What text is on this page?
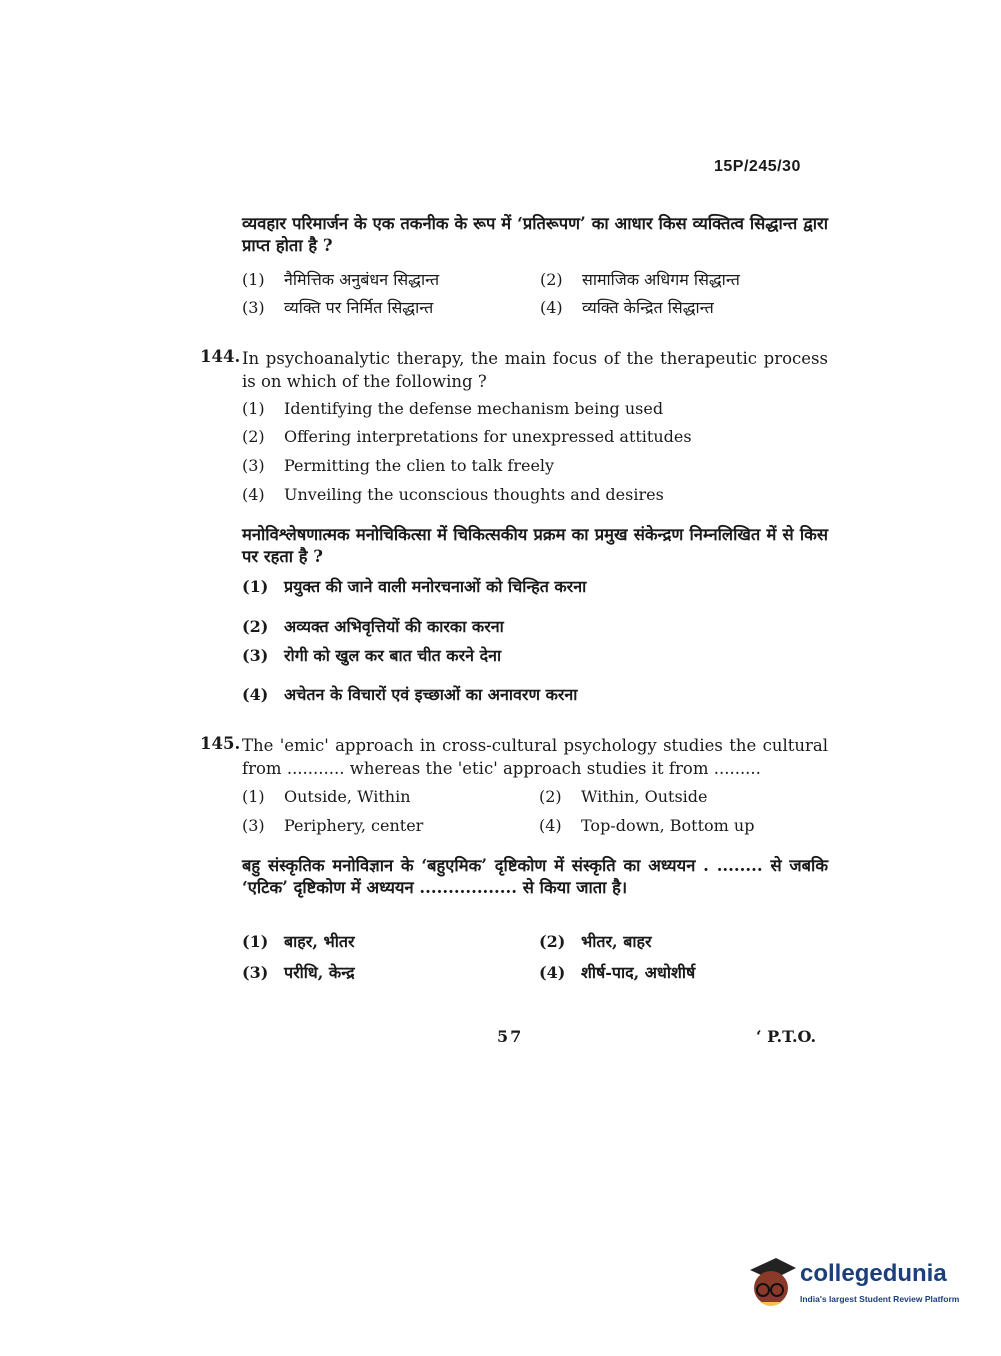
15P/245/30
व्यवहार परिमार्जन के एक तकनीक के रूप में ‘प्रतिरूपण’ का आधार किस व्यक्तित्व सिद्धान्त द्वारा प्राप्त होता है ?
(1) नैमित्तिक अनुबंधन सिद्धान्त	(2) सामाजिक अधिगम सिद्धान्त
(3) व्यक्ति पर निर्मित सिद्धान्त	(4) व्यक्ति केन्द्रित सिद्धान्त
144. In psychoanalytic therapy, the main focus of the therapeutic process is on which of the following ?
(1) Identifying the defense mechanism being used
(2) Offering interpretations for unexpressed attitudes
(3) Permitting the clien to talk freely
(4) Unveiling the uconscious thoughts and desires
मनोविश्लेषणात्मक मनोचिकित्सा में चिकित्सकीय प्रक्रम का प्रमुख संकेन्द्रण निम्नलिखित में से किस पर रहता है ?
(1) प्रयुक्त की जाने वाली मनोरचनाओं को चिन्हित करना
(2) अव्यक्त अभिवृत्तियों की कारका करना
(3) रोगी को खुल कर बात चीत करने देना
(4) अचेतन के विचारों एवं इच्छाओं का अनावरण करना
145. The 'emic' approach in cross-cultural psychology studies the cultural from ........... whereas the 'etic' approach studies it from .........
(1) Outside, Within	(2) Within, Outside
(3) Periphery, center	(4) Top-down, Bottom up
बहु संस्कृतिक मनोविज्ञान के ‘बहुएमिक’ दृष्टिकोण में संस्कृति का अध्ययन . ........ से जबकि ‘एटिक’ दृष्टिकोण में अध्ययन ................. से किया जाता है।
(1) बाहर, भीतर	(2) भीतर, बाहर
(3) परीधि, केन्द्र	(4) शीर्ष-पाद, अधोशीर्ष
57	‘ P.T.O.
collegedunia
India's largest Student Review Platform
